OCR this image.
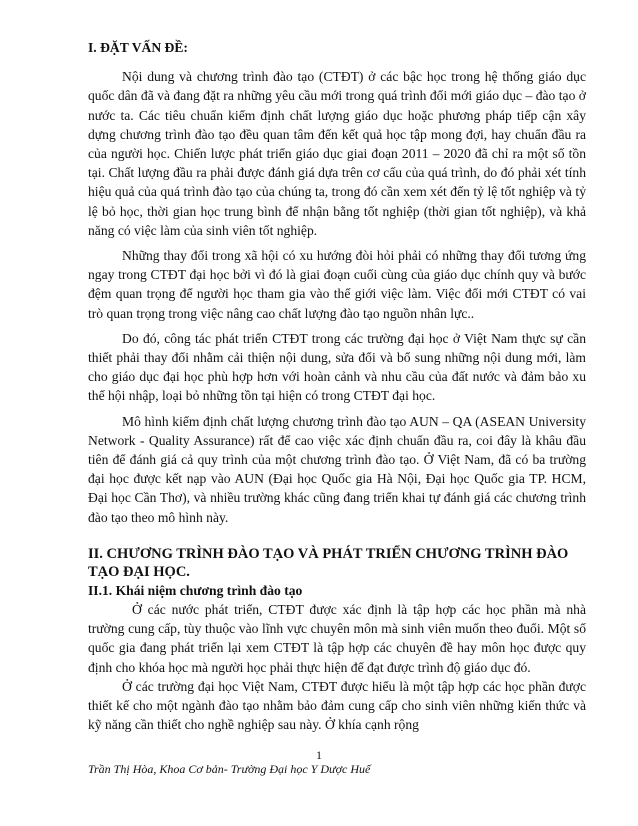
I. ĐẶT VẤN ĐỀ:

Nội dung và chương trình đào tạo (CTĐT) ở các bậc học trong hệ thống giáo dục quốc dân đã và đang đặt ra những yêu cầu mới trong quá trình đổi mới giáo dục – đào tạo ở nước ta. Các tiêu chuẩn kiểm định chất lượng giáo dục hoặc phương pháp tiếp cận xây dựng chương trình đào tạo đều quan tâm đến kết quả học tập mong đợi, hay chuẩn đầu ra của người học. Chiến lược phát triển giáo dục giai đoạn 2011 – 2020 đã chỉ ra một số tồn tại. Chất lượng đầu ra phải được đánh giá dựa trên cơ cấu của quá trình, do đó phải xét tính hiệu quả của quá trình đào tạo của chúng ta, trong đó cần xem xét đến tỷ lệ tốt nghiệp và tỷ lệ bỏ học, thời gian học trung bình để nhận bằng tốt nghiệp (thời gian tốt nghiệp), và khả năng có việc làm của sinh viên tốt nghiệp.

Những thay đổi trong xã hội có xu hướng đòi hỏi phải có những thay đổi tương ứng ngay trong CTĐT đại học bởi vì đó là giai đoạn cuối cùng của giáo dục chính quy và bước đệm quan trọng để người học tham gia vào thế giới việc làm. Việc đổi mới CTĐT có vai trò quan trọng trong việc nâng cao chất lượng đào tạo nguồn nhân lực..

Do đó, công tác phát triển CTĐT trong các trường đại học ở Việt Nam thực sự cần thiết phải thay đổi nhằm cải thiện nội dung, sửa đổi và bổ sung những nội dung mới, làm cho giáo dục đại học phù hợp hơn với hoàn cảnh và nhu cầu của đất nước và đảm bảo xu thế hội nhập, loại bỏ những tồn tại hiện có trong CTĐT đại học.

Mô hình kiểm định chất lượng chương trình đào tạo AUN – QA (ASEAN University Network - Quality Assurance) rất để cao việc xác định chuẩn đầu ra, coi đây là khâu đầu tiên để đánh giá cả quy trình của một chương trình đào tạo. Ở Việt Nam, đã có ba trường đại học được kết nạp vào AUN (Đại học Quốc gia Hà Nội, Đại học Quốc gia TP. HCM, Đại học Cần Thơ), và nhiều trường khác cũng đang triển khai tự đánh giá các chương trình đào tạo theo mô hình này.

II. CHƯƠNG TRÌNH ĐÀO TẠO VÀ PHÁT TRIỂN CHƯƠNG TRÌNH ĐÀO
TẠO ĐẠI HỌC.
II.1. Khái niệm chương trình đào tạo

Ở các nước phát triển, CTĐT được xác định là tập hợp các học phần mà nhà trường cung cấp, tùy thuộc vào lĩnh vực chuyên môn mà sinh viên muốn theo đuổi. Một số quốc gia đang phát triển lại xem CTĐT là tập hợp các chuyên đề hay môn học được quy định cho khóa học mà người học phải thực hiện để đạt được trình độ giáo dục đó.

Ở các trường đại học Việt Nam, CTĐT được hiểu là một tập hợp các học phần được thiết kế cho một ngành đào tạo nhằm bảo đảm cung cấp cho sinh viên những kiến thức và kỹ năng cần thiết cho nghề nghiệp sau này. Ở khía cạnh rộng

1
Trần Thị Hòa, Khoa Cơ bản- Trường Đại học Y Dược Huế
